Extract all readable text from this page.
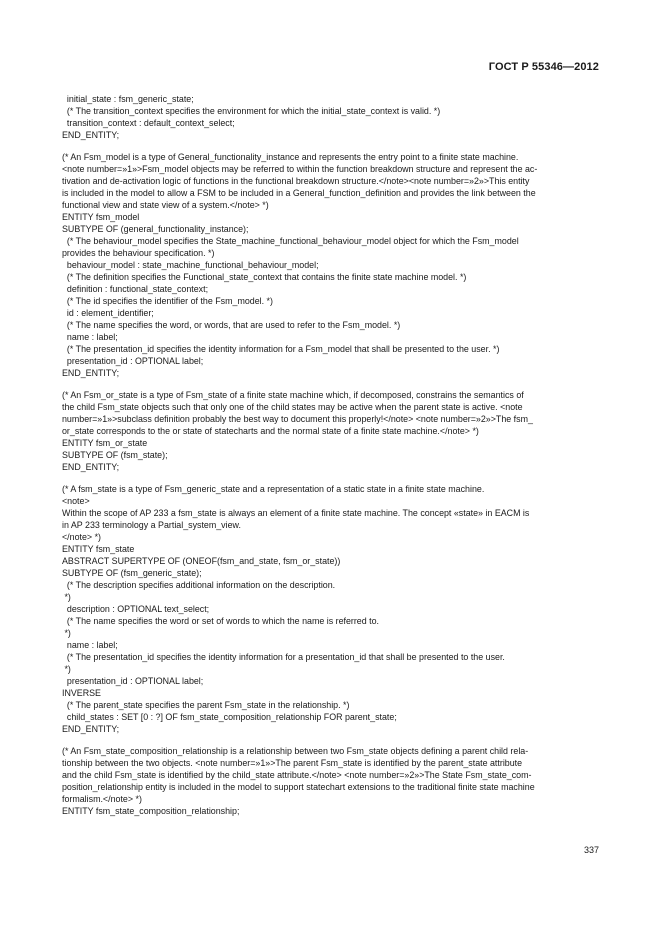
ГОСТ Р 55346—2012
initial_state : fsm_generic_state;
(* The transition_context specifies the environment for which the initial_state_context is valid. *)
transition_context : default_context_select;
END_ENTITY;
(* An Fsm_model is a type of General_functionality_instance and represents the entry point to a finite state machine.
<note number=»1»>Fsm_model objects may be referred to within the function breakdown structure and represent the ac-
tivation and de-activation logic of functions in the functional breakdown structure.</note><note number=»2»>This entity
is included in the model to allow a FSM to be included in a General_function_definition and provides the link between the
functional view and state view of a system.</note> *)
ENTITY fsm_model
SUBTYPE OF (general_functionality_instance);
(* The behaviour_model specifies the State_machine_functional_behaviour_model object for which the Fsm_model
provides the behaviour specification. *)
behaviour_model : state_machine_functional_behaviour_model;
(* The definition specifies the Functional_state_context that contains the finite state machine model. *)
definition : functional_state_context;
(* The id specifies the identifier of the Fsm_model. *)
id : element_identifier;
(* The name specifies the word, or words, that are used to refer to the Fsm_model. *)
name : label;
(* The presentation_id specifies the identity information for a Fsm_model that shall be presented to the user. *)
presentation_id : OPTIONAL label;
END_ENTITY;
(* An Fsm_or_state is a type of Fsm_state of a finite state machine which, if decomposed, constrains the semantics of
the child Fsm_state objects such that only one of the child states may be active when the parent state is active. <note
number=»1»>subclass definition probably the best way to document this properly!</note> <note number=»2»>The fsm_
or_state corresponds to the or state of statecharts and the normal state of a finite state machine.</note> *)
ENTITY fsm_or_state
SUBTYPE OF (fsm_state);
END_ENTITY;
(* A fsm_state is a type of Fsm_generic_state and a representation of a static state in a finite state machine.
<note>
Within the scope of AP 233 a fsm_state is always an element of a finite state machine. The concept «state» in EACM is
in AP 233 terminology a Partial_system_view.
</note> *)
ENTITY fsm_state
ABSTRACT SUPERTYPE OF (ONEOF(fsm_and_state, fsm_or_state))
SUBTYPE OF (fsm_generic_state);
(* The description specifies additional information on the description.
*)
description : OPTIONAL text_select;
(* The name specifies the word or set of words to which the name is referred to.
*)
name : label;
(* The presentation_id specifies the identity information for a presentation_id that shall be presented to the user.
*)
presentation_id : OPTIONAL label;
INVERSE
(* The parent_state specifies the parent Fsm_state in the relationship. *)
child_states : SET [0 : ?] OF fsm_state_composition_relationship FOR parent_state;
END_ENTITY;
(* An Fsm_state_composition_relationship is a relationship between two Fsm_state objects defining a parent child rela-
tionship between the two objects. <note number=»1»>The parent Fsm_state is identified by the parent_state attribute
and the child Fsm_state is identified by the child_state attribute.</note> <note number=»2»>The State Fsm_state_com-
position_relationship entity is included in the model to support statechart extensions to the traditional finite state machine
formalism.</note> *)
ENTITY fsm_state_composition_relationship;
337
